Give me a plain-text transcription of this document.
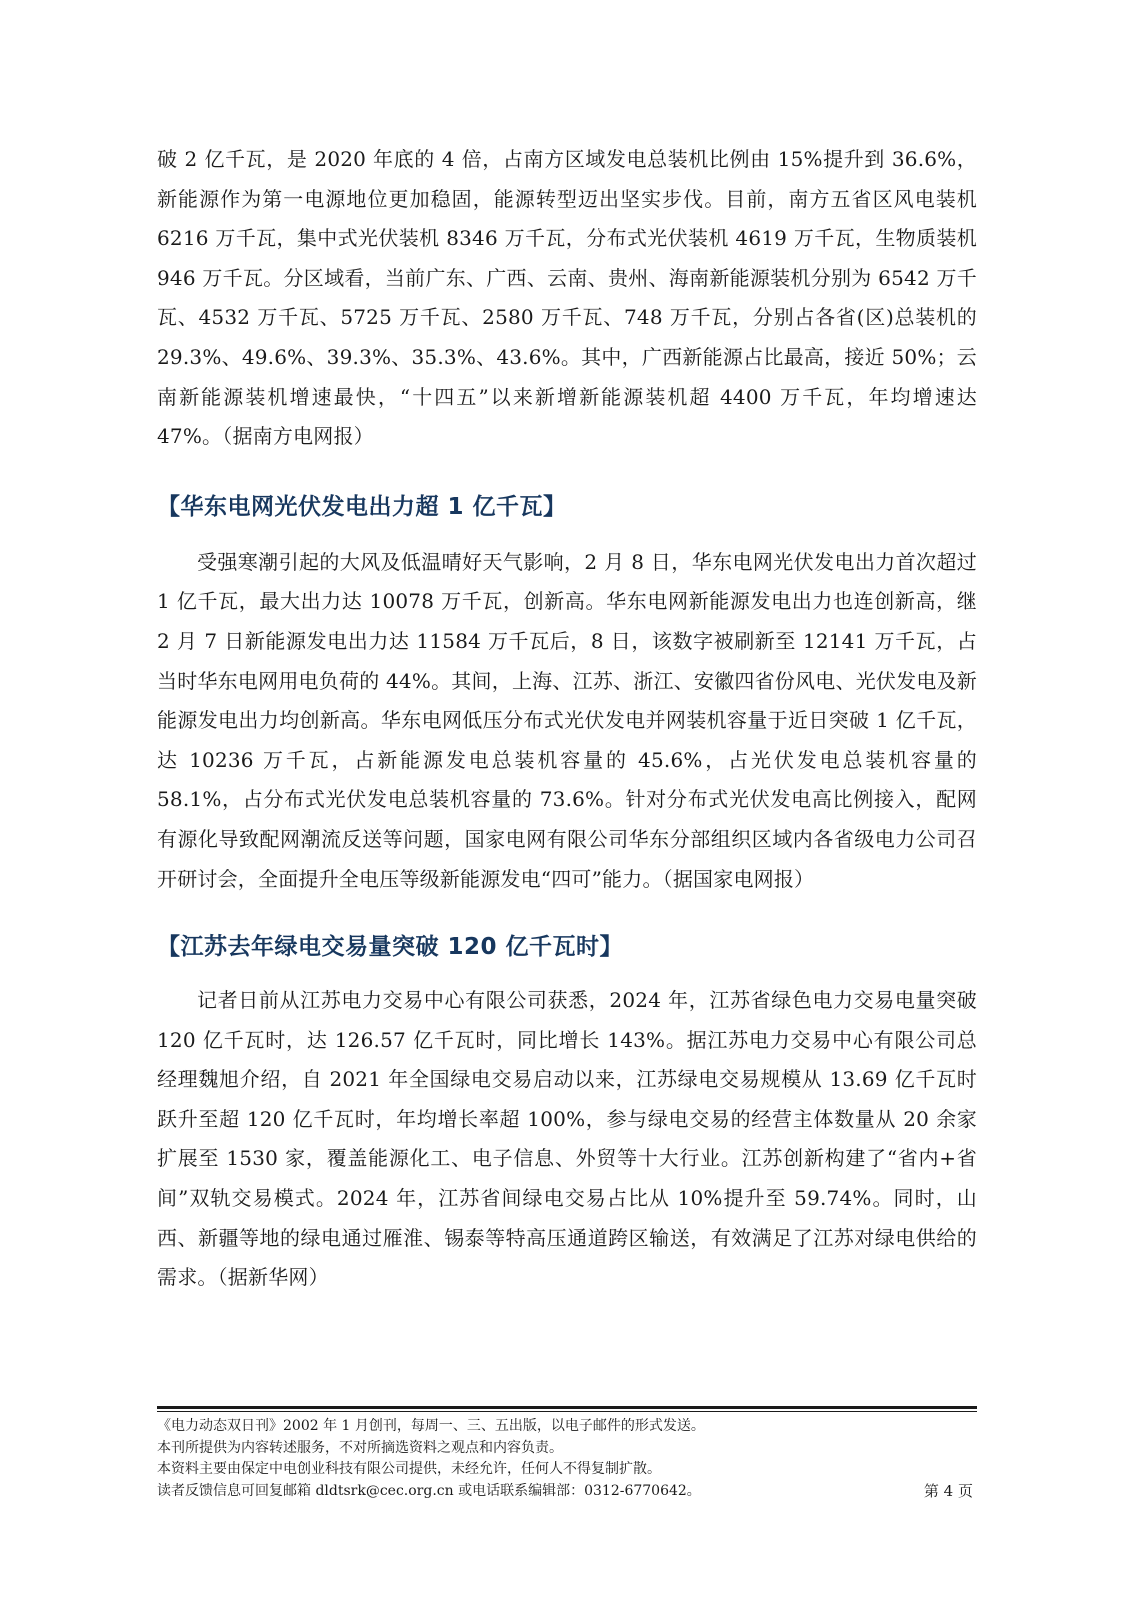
破 2 亿千瓦，是 2020 年底的 4 倍，占南方区域发电总装机比例由 15%提升到 36.6%，新能源作为第一电源地位更加稳固，能源转型迈出坚实步伐。目前，南方五省区风电装机 6216 万千瓦，集中式光伏装机 8346 万千瓦，分布式光伏装机 4619 万千瓦，生物质装机 946 万千瓦。分区域看，当前广东、广西、云南、贵州、海南新能源装机分别为 6542 万千瓦、4532 万千瓦、5725 万千瓦、2580 万千瓦、748 万千瓦，分别占各省(区)总装机的 29.3%、49.6%、39.3%、35.3%、43.6%。其中，广西新能源占比最高，接近 50%；云南新能源装机增速最快，“十四五”以来新增新能源装机超 4400 万千瓦，年均增速达 47%。（据南方电网报）

【华东电网光伏发电出力超 1 亿千瓦】

受强寒潮引起的大风及低温晴好天气影响，2 月 8 日，华东电网光伏发电出力首次超过 1 亿千瓦，最大出力达 10078 万千瓦，创新高。华东电网新能源发电出力也连创新高，继 2 月 7 日新能源发电出力达 11584 万千瓦后，8 日，该数字被刷新至 12141 万千瓦，占当时华东电网用电负荷的 44%。其间，上海、江苏、浙江、安徽四省份风电、光伏发电及新能源发电出力均创新高。华东电网低压分布式光伏发电并网装机容量于近日突破 1 亿千瓦，达 10236 万千瓦，占新能源发电总装机容量的 45.6%，占光伏发电总装机容量的 58.1%，占分布式光伏发电总装机容量的 73.6%。针对分布式光伏发电高比例接入，配网有源化导致配网潮流反送等问题，国家电网有限公司华东分部组织区域内各省级电力公司召开研讨会，全面提升全电压等级新能源发电“四可”能力。（据国家电网报）

【江苏去年绿电交易量突破 120 亿千瓦时】

记者日前从江苏电力交易中心有限公司获悉，2024 年，江苏省绿色电力交易电量突破 120 亿千瓦时，达 126.57 亿千瓦时，同比增长 143%。据江苏电力交易中心有限公司总经理魏旭介绍，自 2021 年全国绿电交易启动以来，江苏绿电交易规模从 13.69 亿千瓦时跃升至超 120 亿千瓦时，年均增长率超 100%，参与绿电交易的经营主体数量从 20 余家扩展至 1530 家，覆盖能源化工、电子信息、外贸等十大行业。江苏创新构建了“省内+省间”双轨交易模式。2024 年，江苏省间绿电交易占比从 10%提升至 59.74%。同时，山西、新疆等地的绿电通过雁淮、锡泰等特高压通道跨区输送，有效满足了江苏对绿电供给的需求。（据新华网）

《电力动态双日刊》2002 年 1 月创刊，每周一、三、五出版，以电子邮件的形式发送。
本刊所提供为内容转述服务，不对所摘选资料之观点和内容负责。
本资料主要由保定中电创业科技有限公司提供，未经允许，任何人不得复制扩散。
读者反馈信息可回复邮箱 dldtsrk@cec.org.cn 或电话联系编辑部：0312-6770642。	第 4 页
